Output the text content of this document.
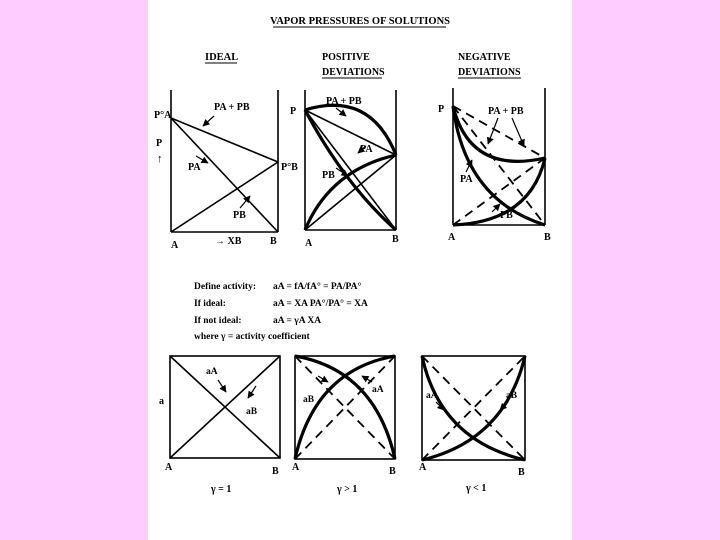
VAPOR PRESSURES OF SOLUTIONS
IDEAL
P°A
PA + PB
P
↑
PA	P°B
PB
A	→ XB	B
POSITIVE
DEVIATIONS
P
PA + PB
PA
PB
A	B
NEGATIVE
DEVIATIONS
P	PA + PB
PA
PB
A	B
Define activity: aA = fA/fA° = PA/PA°
If ideal:	aA = XA PA°/PA° = XA
If not ideal:	aA = γA XA
where γ = activity coefficient
a
aA
aB
A	B
γ = 1
aB
aA
A	B
γ > 1
aA	aB
A	B
γ < 1
